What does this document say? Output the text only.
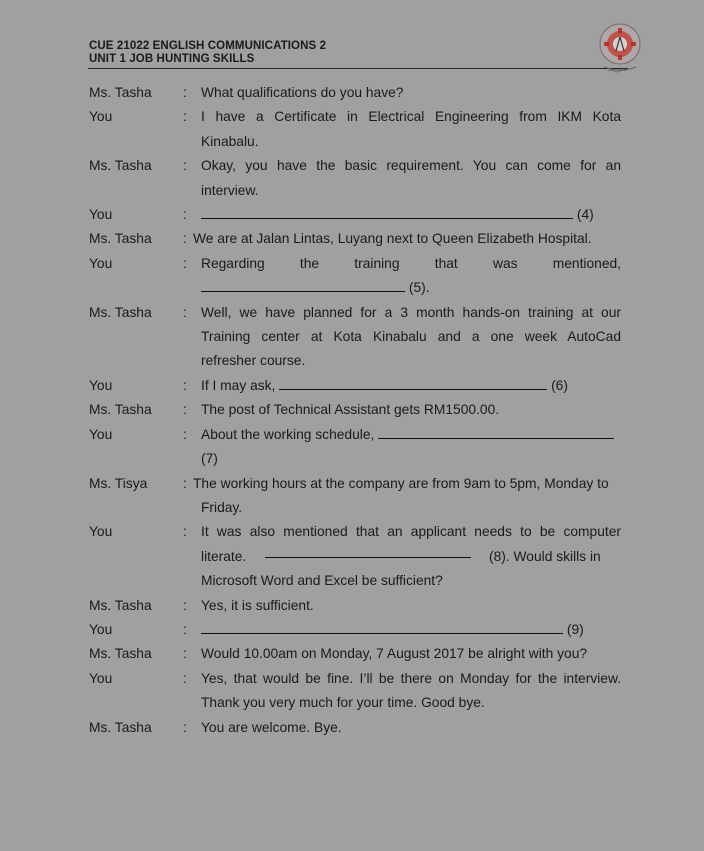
CUE 21022 ENGLISH COMMUNICATIONS 2
UNIT 1 JOB HUNTING SKILLS
Ms. Tasha	:	What qualifications do you have?
You	:	I have a Certificate in Electrical Engineering from IKM Kota
Kinabalu.
Ms. Tasha	:	Okay, you have the basic requirement. You can come for an
interview.
You	:	(4)
Ms. Tasha	: We are at Jalan Lintas, Luyang next to Queen Elizabeth Hospital.
You	:	Regarding the training that was mentioned,
(5).
Ms. Tasha	:	Well, we have planned for a 3 month hands-on training at our
Training center at Kota Kinabalu and a one week AutoCad
refresher course.
You	:	If I may ask,	(6)
Ms. Tasha	:	The post of Technical Assistant gets RM1500.00.
You	:	About the working schedule,
(7)
Ms. Tisya	: The working hours at the company are from 9am to 5pm, Monday to
Friday.
You	:	It was also mentioned that an applicant needs to be computer
literate.	(8). Would skills in
Microsoft Word and Excel be sufficient?
Ms. Tasha	:	Yes, it is sufficient.
You	:	(9)
Ms. Tasha	:	Would 10.00am on Monday, 7 August 2017 be alright with you?
You	:	Yes, that would be fine. I’ll be there on Monday for the interview.
Thank you very much for your time. Good bye.
Ms. Tasha	:	You are welcome. Bye.
